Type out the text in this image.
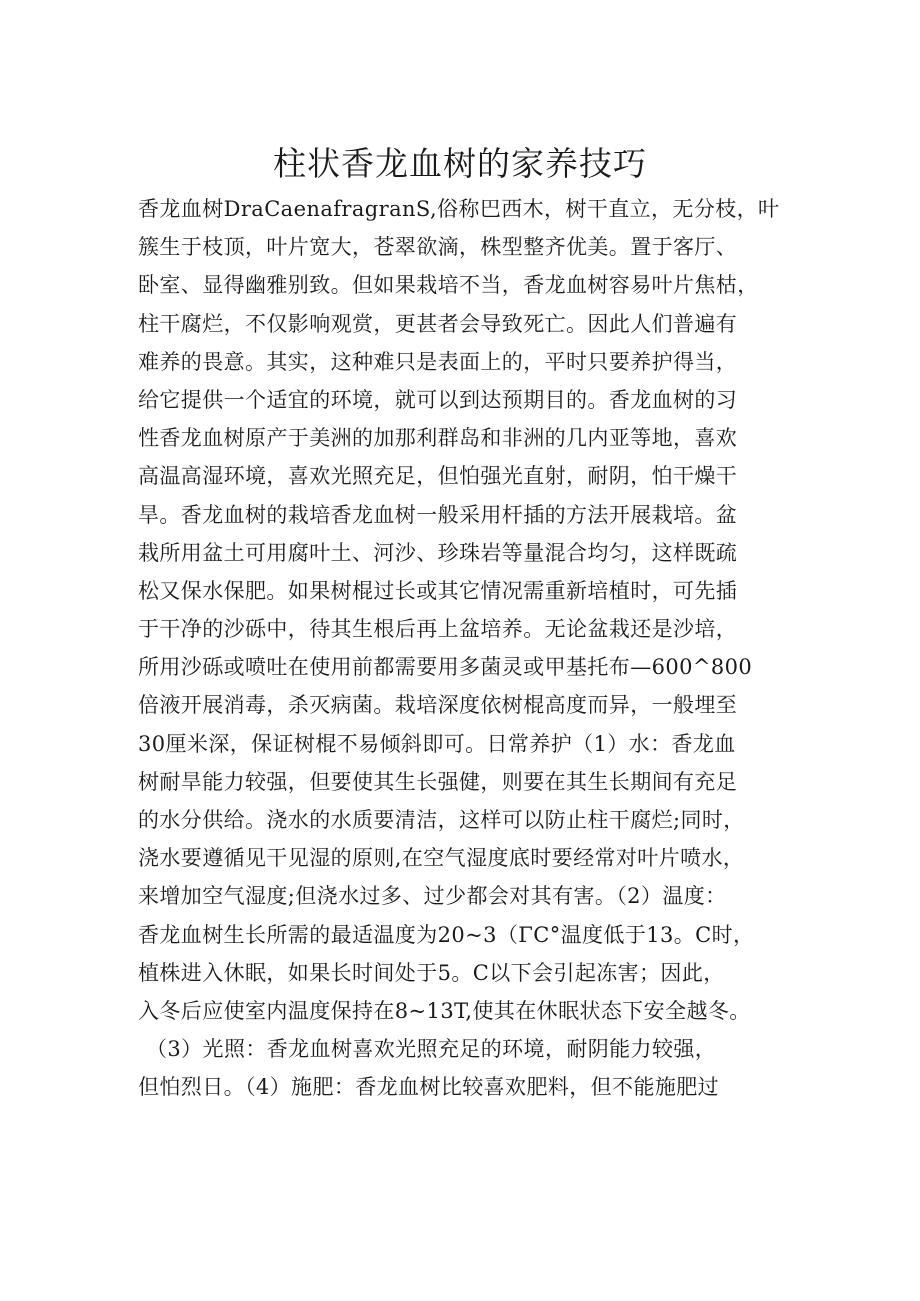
柱状香龙血树的家养技巧
香龙血树DraCaenafragranS,俗称巴西木，树干直立，无分枝，叶
簇生于枝顶，叶片宽大，苍翠欲滴，株型整齐优美。置于客厅、
卧室、显得幽雅别致。但如果栽培不当，香龙血树容易叶片焦枯，
柱干腐烂，不仅影响观赏，更甚者会导致死亡。因此人们普遍有
难养的畏意。其实，这种难只是表面上的，平时只要养护得当，
给它提供一个适宜的环境，就可以到达预期目的。香龙血树的习
性香龙血树原产于美洲的加那利群岛和非洲的几内亚等地，喜欢
高温高湿环境，喜欢光照充足，但怕强光直射，耐阴，怕干燥干
旱。香龙血树的栽培香龙血树一般采用杆插的方法开展栽培。盆
栽所用盆土可用腐叶土、河沙、珍珠岩等量混合均匀，这样既疏
松又保水保肥。如果树棍过长或其它情况需重新培植时，可先插
于干净的沙砾中，待其生根后再上盆培养。无论盆栽还是沙培，
所用沙砾或喷吐在使用前都需要用多菌灵或甲基托布—600^800
倍液开展消毒，杀灭病菌。栽培深度依树棍高度而异，一般埋至
30厘米深，保证树棍不易倾斜即可。日常养护（1）水：香龙血
树耐旱能力较强，但要使其生长强健，则要在其生长期间有充足
的水分供给。浇水的水质要清洁，这样可以防止柱干腐烂;同时，
浇水要遵循见干见湿的原则,在空气湿度底时要经常对叶片喷水，
来增加空气湿度;但浇水过多、过少都会对其有害。（2）温度：
香龙血树生长所需的最适温度为20~3（ΓC°温度低于13。C时，
植株进入休眠，如果长时间处于5。C以下会引起冻害；因此，
入冬后应使室内温度保持在8~13T,使其在休眠状态下安全越冬。
（3）光照：香龙血树喜欢光照充足的环境，耐阴能力较强，
但怕烈日。（4）施肥：香龙血树比较喜欢肥料，但不能施肥过
